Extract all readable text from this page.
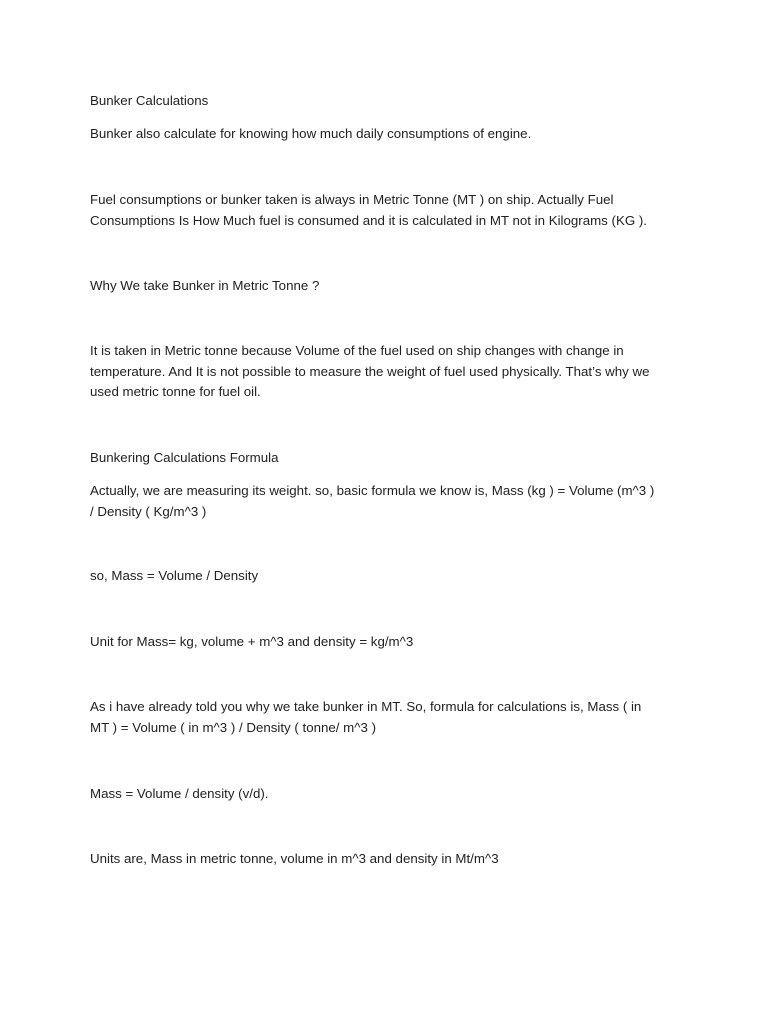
Bunker Calculations

Bunker also calculate for knowing how much daily consumptions of engine.

Fuel consumptions or bunker taken is always in Metric Tonne (MT ) on ship. Actually Fuel
Consumptions Is How Much fuel is consumed and it is calculated in MT not in Kilograms (KG ).

Why We take Bunker in Metric Tonne ?

It is taken in Metric tonne because Volume of the fuel used on ship changes with change in
temperature. And It is not possible to measure the weight of fuel used physically. That’s why we
used metric tonne for fuel oil.

Bunkering Calculations Formula

Actually, we are measuring its weight. so, basic formula we know is, Mass (kg ) = Volume (m^3 )
/ Density ( Kg/m^3 )

so, Mass = Volume / Density

Unit for Mass= kg, volume + m^3 and density = kg/m^3

As i have already told you why we take bunker in MT. So, formula for calculations is, Mass ( in
MT ) = Volume ( in m^3 ) / Density ( tonne/ m^3 )

Mass = Volume / density (v/d).

Units are, Mass in metric tonne, volume in m^3 and density in Mt/m^3
